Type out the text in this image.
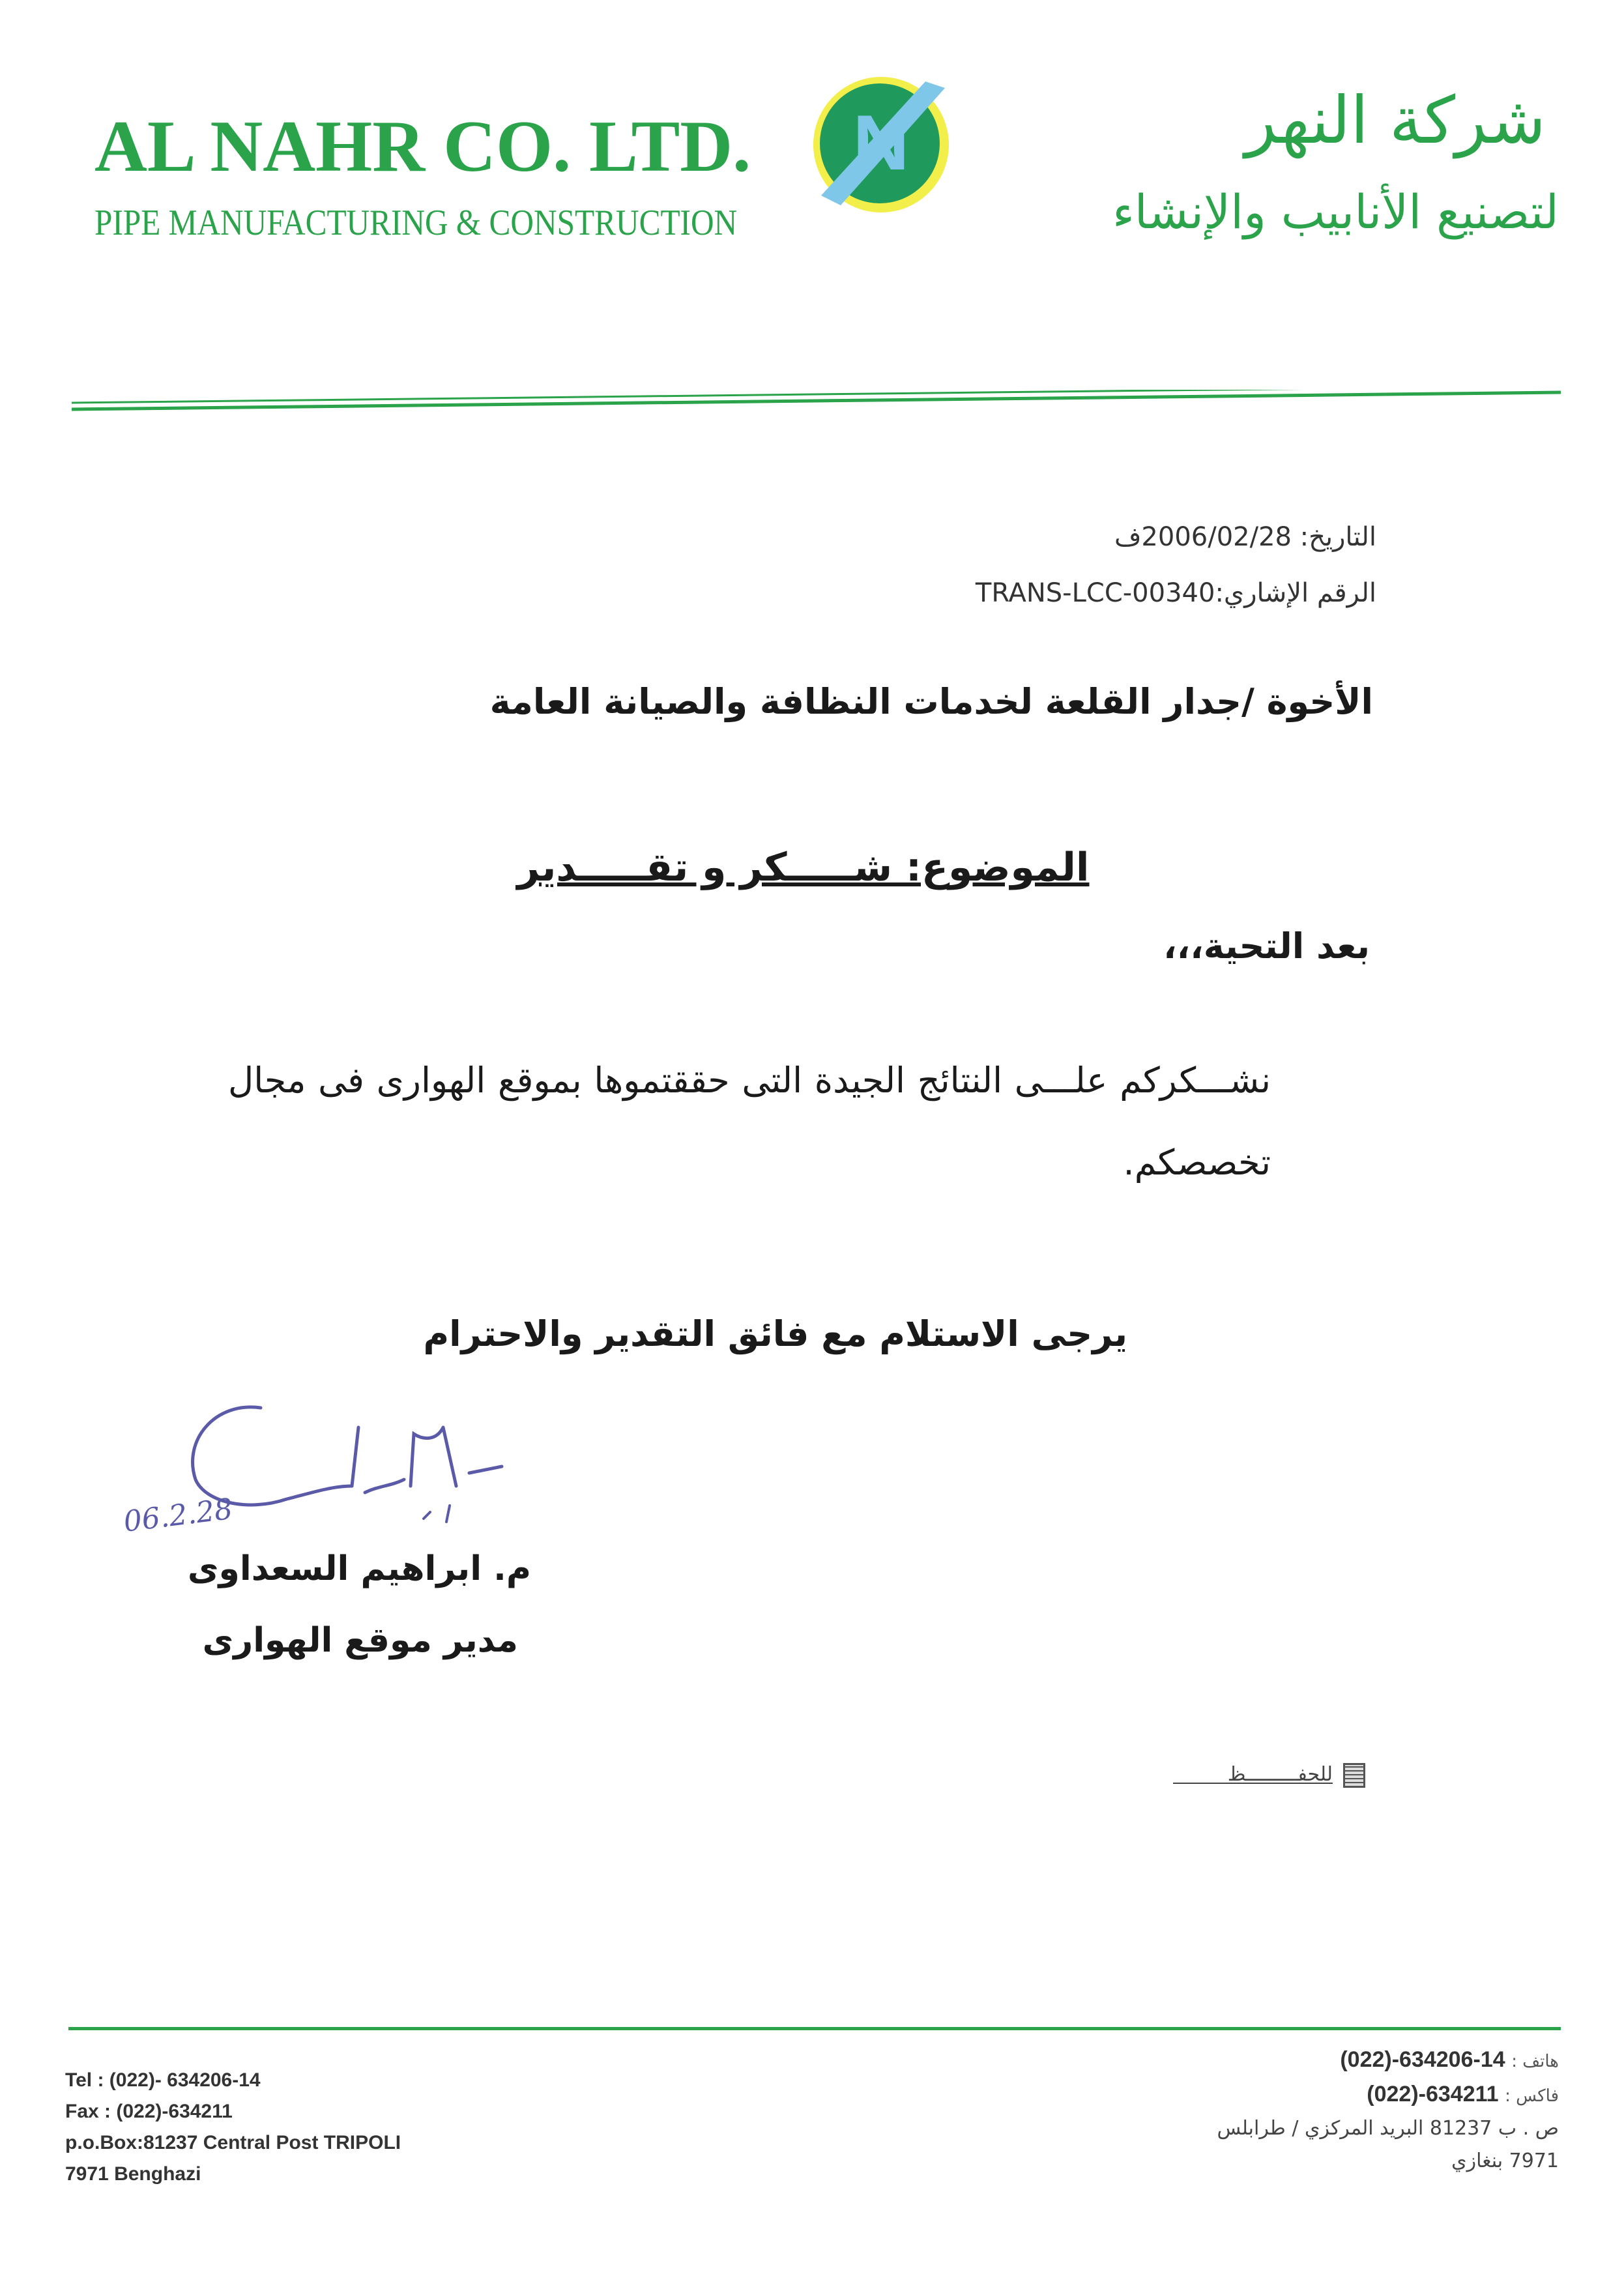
AL NAHR CO. LTD.
PIPE MANUFACTURING & CONSTRUCTION
N	شركة النهر
لتصنيع الأنابيب والإنشاء
التاريخ: 2006/02/28ف
الرقم الإشاري:TRANS-LCC-00340
الأخوة /جدار القلعة لخدمات النظافة والصيانة العامة
الموضوع: شـــــكر و تقـــــدير
بعد التحية،،،
نشـــكركم علـــى النتائج الجيدة التى حققتموها بموقع الهوارى فى مجال تخصصكم.
يرجى الاستلام مع فائق التقدير والاحترام
06.2.28
م. ابراهيم السعداوى
مدير موقع الهوارى
للحفـــــــــظ
Tel : (022)- 634206-14
Fax : (022)-634211
p.o.Box:81237 Central Post TRIPOLI
7971 Benghazi
هاتف : (022)-634206-14
فاكس : (022)-634211
ص . ب 81237 البريد المركزي / طرابلس
7971 بنغازي
